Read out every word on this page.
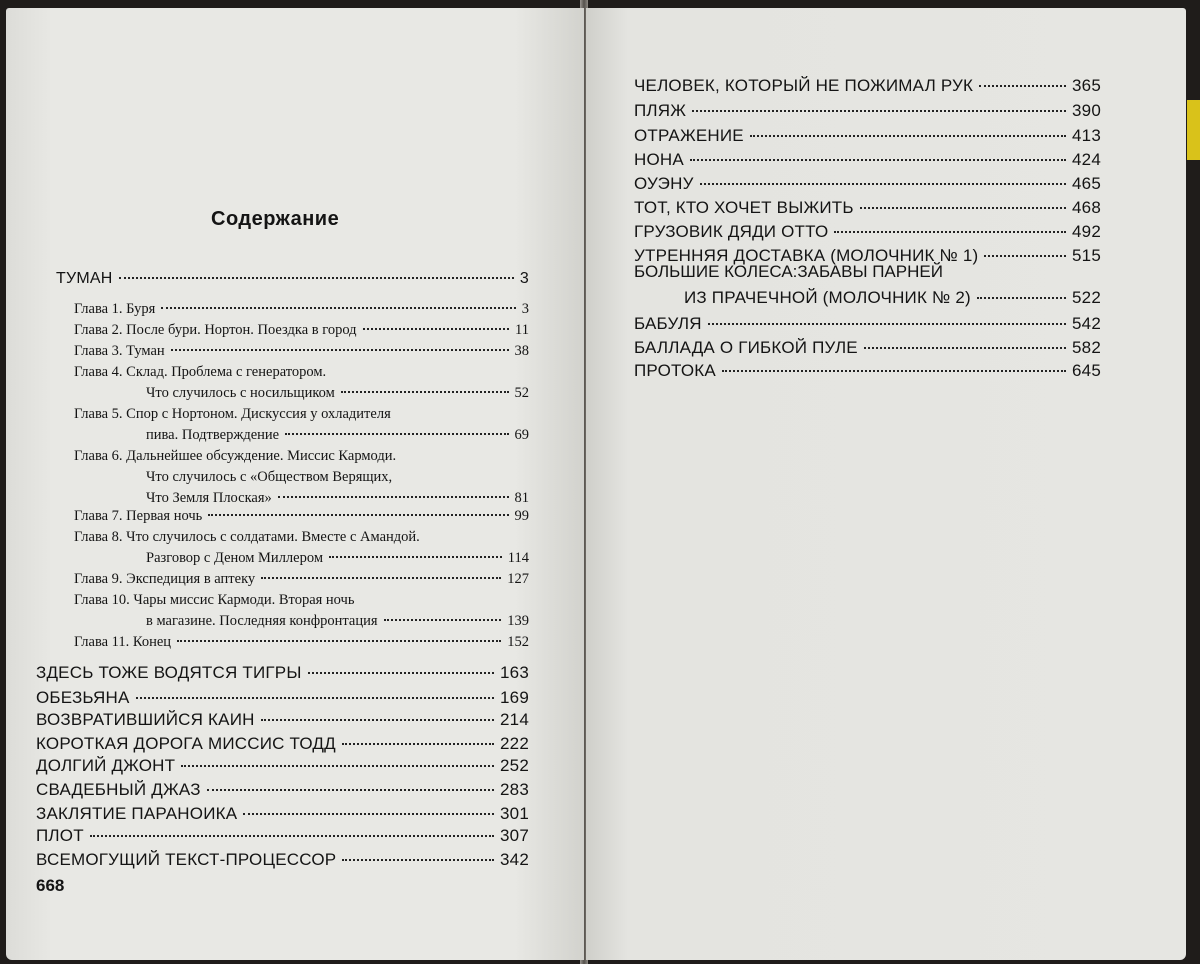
Содержание
ТУМАН	3
Глава 1. Буря	3
Глава 2. После бури. Нортон. Поездка в город	11
Глава 3. Туман	38
Глава 4. Склад. Проблема с генератором.
Что случилось с носильщиком	52
Глава 5. Спор с Нортоном. Дискуссия у охладителя
пива. Подтверждение	69
Глава 6. Дальнейшее обсуждение. Миссис Кармоди.
Что случилось с «Обществом Верящих,
Что Земля Плоская»	81
Глава 7. Первая ночь	99
Глава 8. Что случилось с солдатами. Вместе с Амандой.
Разговор с Деном Миллером	114
Глава 9. Экспедиция в аптеку	127
Глава 10. Чары миссис Кармоди. Вторая ночь
в магазине. Последняя конфронтация	139
Глава 11. Конец	152
ЗДЕСЬ ТОЖЕ ВОДЯТСЯ ТИГРЫ	163
ОБЕЗЬЯНА	169
ВОЗВРАТИВШИЙСЯ КАИН	214
КОРОТКАЯ ДОРОГА МИССИС ТОДД	222
ДОЛГИЙ ДЖОНТ	252
СВАДЕБНЫЙ ДЖАЗ	283
ЗАКЛЯТИЕ ПАРАНОИКА	301
ПЛОТ	307
ВСЕМОГУЩИЙ ТЕКСТ-ПРОЦЕССОР	342
668
ЧЕЛОВЕК, КОТОРЫЙ НЕ ПОЖИМАЛ РУК	365
ПЛЯЖ	390
ОТРАЖЕНИЕ	413
НОНА	424
ОУЭНУ	465
ТОТ, КТО ХОЧЕТ ВЫЖИТЬ	468
ГРУЗОВИК ДЯДИ ОТТО	492
УТРЕННЯЯ ДОСТАВКА (МОЛОЧНИК № 1)	515
БОЛЬШИЕ КОЛЕСА:ЗАБАВЫ ПАРНЕЙ
ИЗ ПРАЧЕЧНОЙ (МОЛОЧНИК № 2)	522
БАБУЛЯ	542
БАЛЛАДА О ГИБКОЙ ПУЛЕ	582
ПРОТОКА	645
